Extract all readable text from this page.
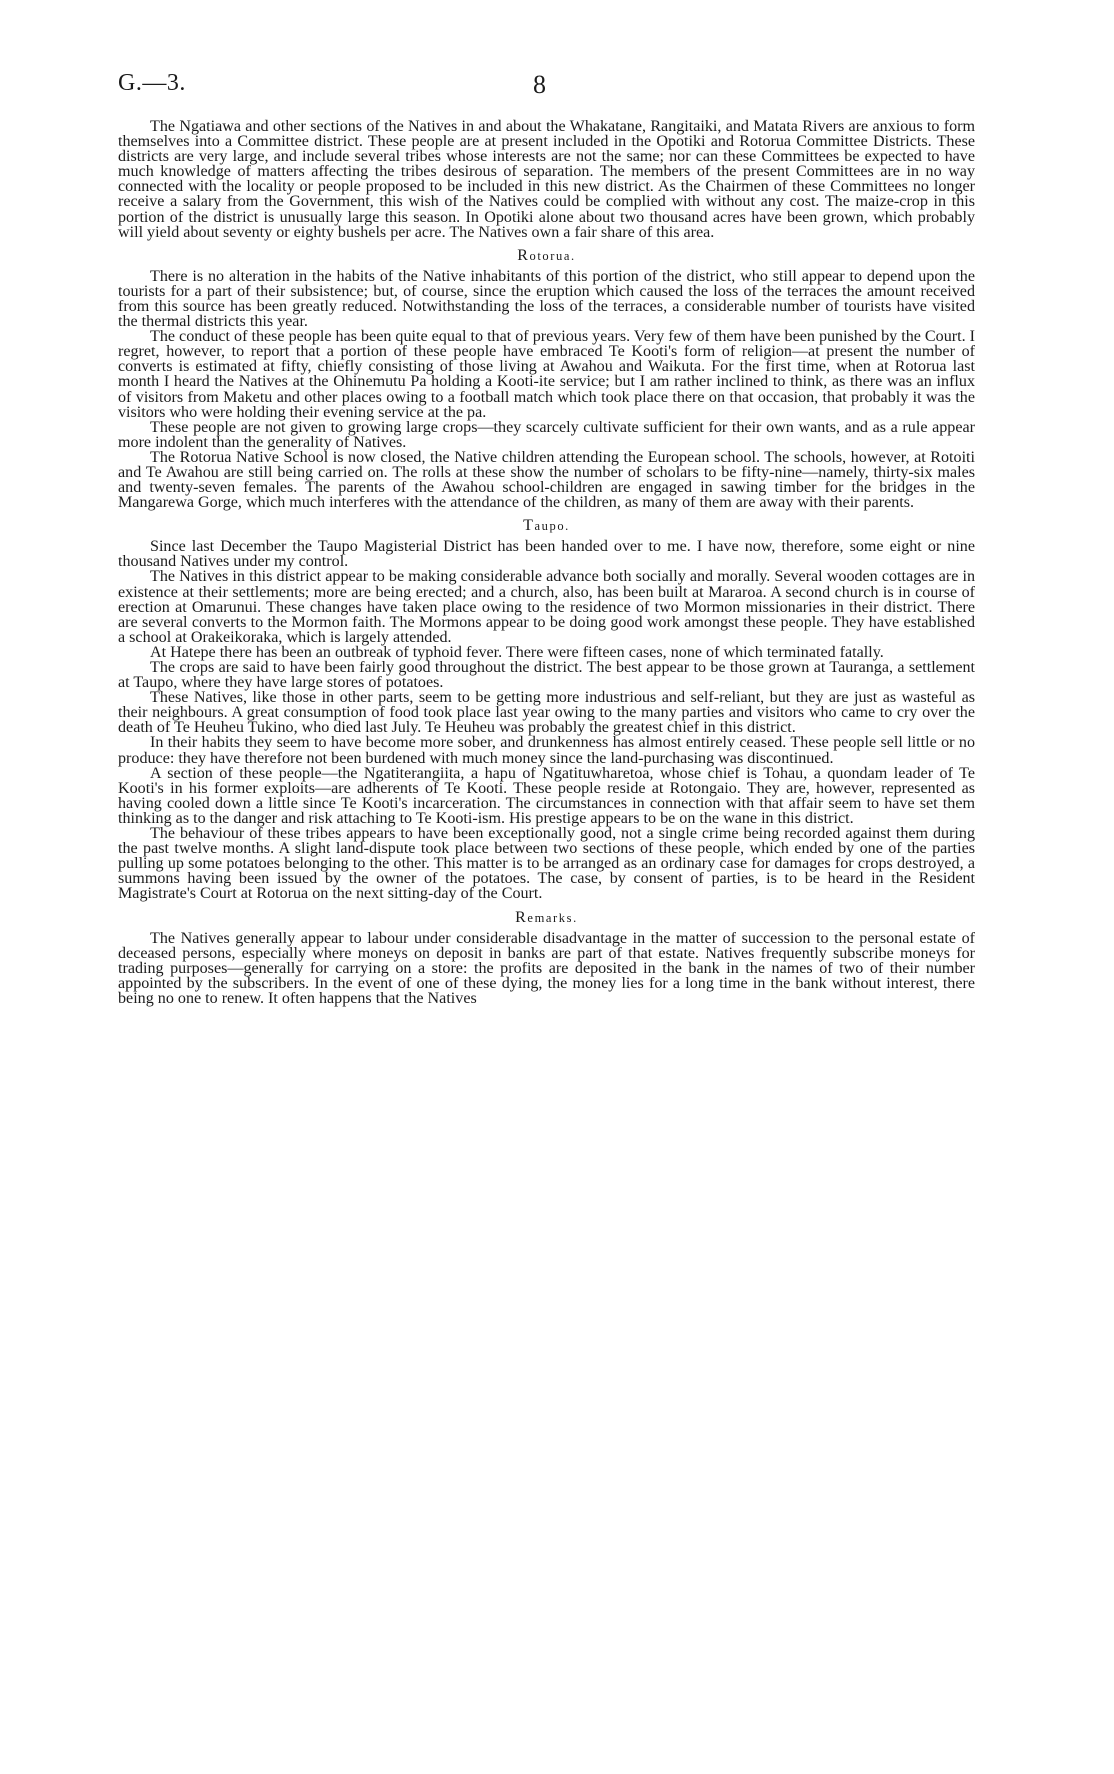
G.—3.	8

The Ngatiawa and other sections of the Natives in and about the Whakatane, Rangitaiki, and Matata Rivers are anxious to form themselves into a Committee district. These people are at present included in the Opotiki and Rotorua Committee Districts. These districts are very large, and include several tribes whose interests are not the same; nor can these Committees be expected to have much knowledge of matters affecting the tribes desirous of separation. The members of the present Committees are in no way connected with the locality or people proposed to be included in this new district. As the Chairmen of these Committees no longer receive a salary from the Government, this wish of the Natives could be complied with without any cost. The maize-crop in this portion of the district is unusually large this season. In Opotiki alone about two thousand acres have been grown, which probably will yield about seventy or eighty bushels per acre. The Natives own a fair share of this area.

Rotorua.

There is no alteration in the habits of the Native inhabitants of this portion of the district, who still appear to depend upon the tourists for a part of their subsistence; but, of course, since the eruption which caused the loss of the terraces the amount received from this source has been greatly reduced. Notwithstanding the loss of the terraces, a considerable number of tourists have visited the thermal districts this year.

The conduct of these people has been quite equal to that of previous years. Very few of them have been punished by the Court. I regret, however, to report that a portion of these people have embraced Te Kooti's form of religion—at present the number of converts is estimated at fifty, chiefly consisting of those living at Awahou and Waikuta. For the first time, when at Rotorua last month I heard the Natives at the Ohinemutu Pa holding a Kooti-ite service; but I am rather inclined to think, as there was an influx of visitors from Maketu and other places owing to a football match which took place there on that occasion, that probably it was the visitors who were holding their evening service at the pa.

These people are not given to growing large crops—they scarcely cultivate sufficient for their own wants, and as a rule appear more indolent than the generality of Natives.

The Rotorua Native School is now closed, the Native children attending the European school. The schools, however, at Rotoiti and Te Awahou are still being carried on. The rolls at these show the number of scholars to be fifty-nine—namely, thirty-six males and twenty-seven females. The parents of the Awahou school-children are engaged in sawing timber for the bridges in the Mangarewa Gorge, which much interferes with the attendance of the children, as many of them are away with their parents.

Taupo.

Since last December the Taupo Magisterial District has been handed over to me. I have now, therefore, some eight or nine thousand Natives under my control.

The Natives in this district appear to be making considerable advance both socially and morally. Several wooden cottages are in existence at their settlements; more are being erected; and a church, also, has been built at Mararoa. A second church is in course of erection at Omarunui. These changes have taken place owing to the residence of two Mormon missionaries in their district. There are several converts to the Mormon faith. The Mormons appear to be doing good work amongst these people. They have established a school at Orakeikoraka, which is largely attended.

At Hatepe there has been an outbreak of typhoid fever. There were fifteen cases, none of which terminated fatally.

The crops are said to have been fairly good throughout the district. The best appear to be those grown at Tauranga, a settlement at Taupo, where they have large stores of potatoes.

These Natives, like those in other parts, seem to be getting more industrious and self-reliant, but they are just as wasteful as their neighbours. A great consumption of food took place last year owing to the many parties and visitors who came to cry over the death of Te Heuheu Tukino, who died last July. Te Heuheu was probably the greatest chief in this district.

In their habits they seem to have become more sober, and drunkenness has almost entirely ceased. These people sell little or no produce: they have therefore not been burdened with much money since the land-purchasing was discontinued.

A section of these people—the Ngatiterangiita, a hapu of Ngatituwharetoa, whose chief is Tohau, a quondam leader of Te Kooti's in his former exploits—are adherents of Te Kooti. These people reside at Rotongaio. They are, however, represented as having cooled down a little since Te Kooti's incarceration. The circumstances in connection with that affair seem to have set them thinking as to the danger and risk attaching to Te Kooti-ism. His prestige appears to be on the wane in this district.

The behaviour of these tribes appears to have been exceptionally good, not a single crime being recorded against them during the past twelve months. A slight land-dispute took place between two sections of these people, which ended by one of the parties pulling up some potatoes belonging to the other. This matter is to be arranged as an ordinary case for damages for crops destroyed, a summons having been issued by the owner of the potatoes. The case, by consent of parties, is to be heard in the Resident Magistrate's Court at Rotorua on the next sitting-day of the Court.

Remarks.

The Natives generally appear to labour under considerable disadvantage in the matter of succession to the personal estate of deceased persons, especially where moneys on deposit in banks are part of that estate. Natives frequently subscribe moneys for trading purposes—generally for carrying on a store: the profits are deposited in the bank in the names of two of their number appointed by the subscribers. In the event of one of these dying, the money lies for a long time in the bank without interest, there being no one to renew. It often happens that the Natives
